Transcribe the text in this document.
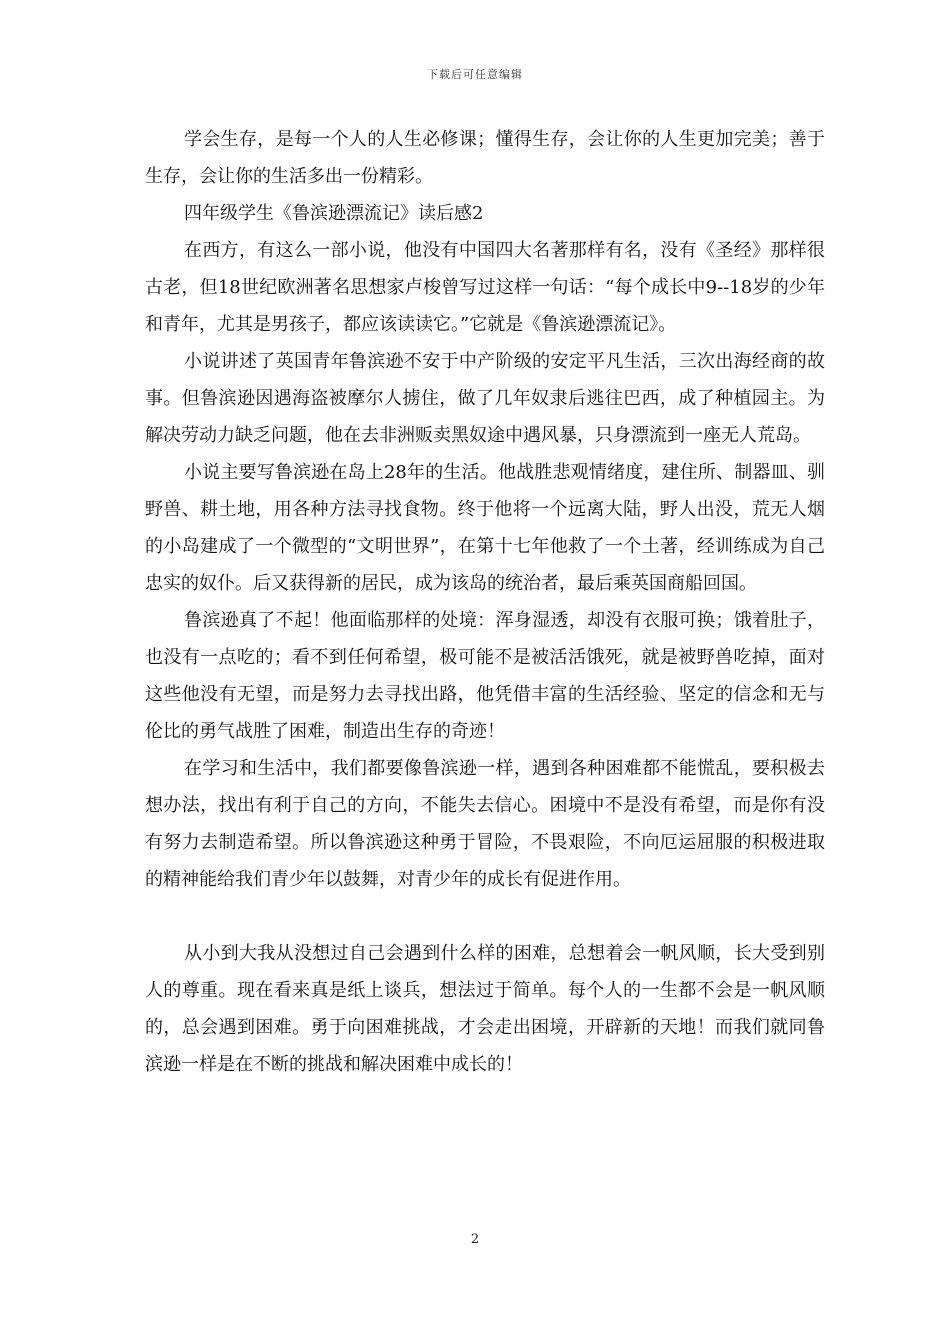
下载后可任意编辑

学会生存，是每一个人的人生必修课；懂得生存，会让你的人生更加完美；善于生存，会让你的生活多出一份精彩。

四年级学生《鲁滨逊漂流记》读后感2

在西方，有这么一部小说，他没有中国四大名著那样有名，没有《圣经》那样很古老，但18世纪欧洲著名思想家卢梭曾写过这样一句话：“每个成长中9--18岁的少年和青年，尤其是男孩子，都应该读读它。”它就是《鲁滨逊漂流记》。

小说讲述了英国青年鲁滨逊不安于中产阶级的安定平凡生活，三次出海经商的故事。但鲁滨逊因遇海盗被摩尔人掳住，做了几年奴隶后逃往巴西，成了种植园主。为解决劳动力缺乏问题，他在去非洲贩卖黑奴途中遇风暴，只身漂流到一座无人荒岛。

小说主要写鲁滨逊在岛上28年的生活。他战胜悲观情绪度，建住所、制器皿、驯野兽、耕土地，用各种方法寻找食物。终于他将一个远离大陆，野人出没，荒无人烟的小岛建成了一个微型的“文明世界”，在第十七年他救了一个土著，经训练成为自己忠实的奴仆。后又获得新的居民，成为该岛的统治者，最后乘英国商船回国。

鲁滨逊真了不起！他面临那样的处境：浑身湿透，却没有衣服可换；饿着肚子，也没有一点吃的；看不到任何希望，极可能不是被活活饿死，就是被野兽吃掉，面对这些他没有无望，而是努力去寻找出路，他凭借丰富的生活经验、坚定的信念和无与伦比的勇气战胜了困难，制造出生存的奇迹！

在学习和生活中，我们都要像鲁滨逊一样，遇到各种困难都不能慌乱，要积极去想办法，找出有利于自己的方向，不能失去信心。困境中不是没有希望，而是你有没有努力去制造希望。所以鲁滨逊这种勇于冒险，不畏艰险，不向厄运屈服的积极进取的精神能给我们青少年以鼓舞，对青少年的成长有促进作用。

从小到大我从没想过自己会遇到什么样的困难，总想着会一帆风顺，长大受到别人的尊重。现在看来真是纸上谈兵，想法过于简单。每个人的一生都不会是一帆风顺的，总会遇到困难。勇于向困难挑战，才会走出困境，开辟新的天地！而我们就同鲁滨逊一样是在不断的挑战和解决困难中成长的！

2
